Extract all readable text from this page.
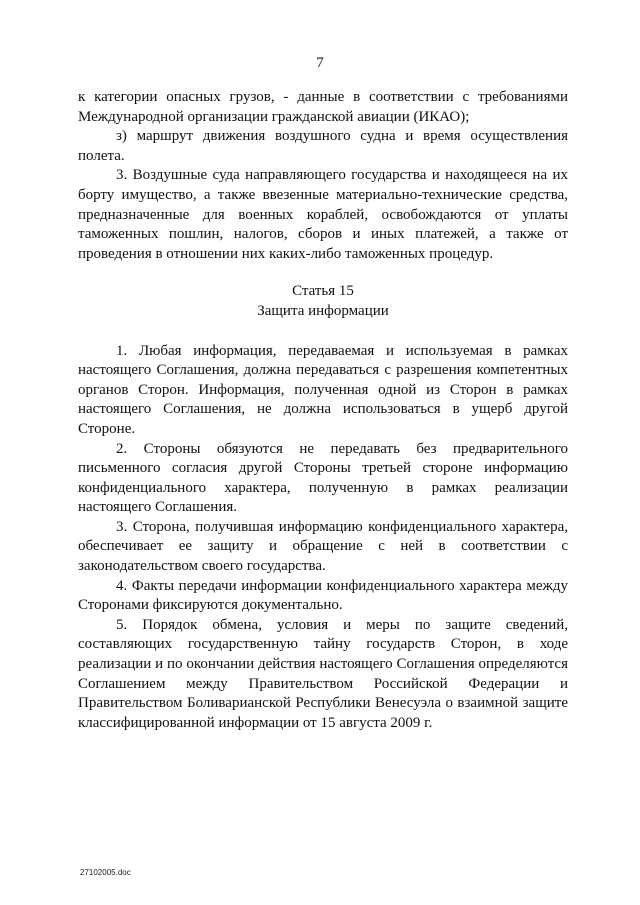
7

к категории опасных грузов, - данные в соответствии с требованиями Международной организации гражданской авиации (ИКАО);

з) маршрут движения воздушного судна и время осуществления полета.

3. Воздушные суда направляющего государства и находящееся на их борту имущество, а также ввезенные материально-технические средства, предназначенные для военных кораблей, освобождаются от уплаты таможенных пошлин, налогов, сборов и иных платежей, а также от проведения в отношении них каких-либо таможенных процедур.

Статья 15

Защита информации

1. Любая информация, передаваемая и используемая в рамках настоящего Соглашения, должна передаваться с разрешения компетентных органов Сторон. Информация, полученная одной из Сторон в рамках настоящего Соглашения, не должна использоваться в ущерб другой Стороне.

2. Стороны обязуются не передавать без предварительного письменного согласия другой Стороны третьей стороне информацию конфиденциального характера, полученную в рамках реализации настоящего Соглашения.

3. Сторона, получившая информацию конфиденциального характера, обеспечивает ее защиту и обращение с ней в соответствии с законодательством своего государства.

4. Факты передачи информации конфиденциального характера между Сторонами фиксируются документально.

5. Порядок обмена, условия и меры по защите сведений, составляющих государственную тайну государств Сторон, в ходе реализации и по окончании действия настоящего Соглашения определяются Соглашением между Правительством Российской Федерации и Правительством Боливарианской Республики Венесуэла о взаимной защите классифицированной информации от 15 августа 2009 г.

27102005.doc
